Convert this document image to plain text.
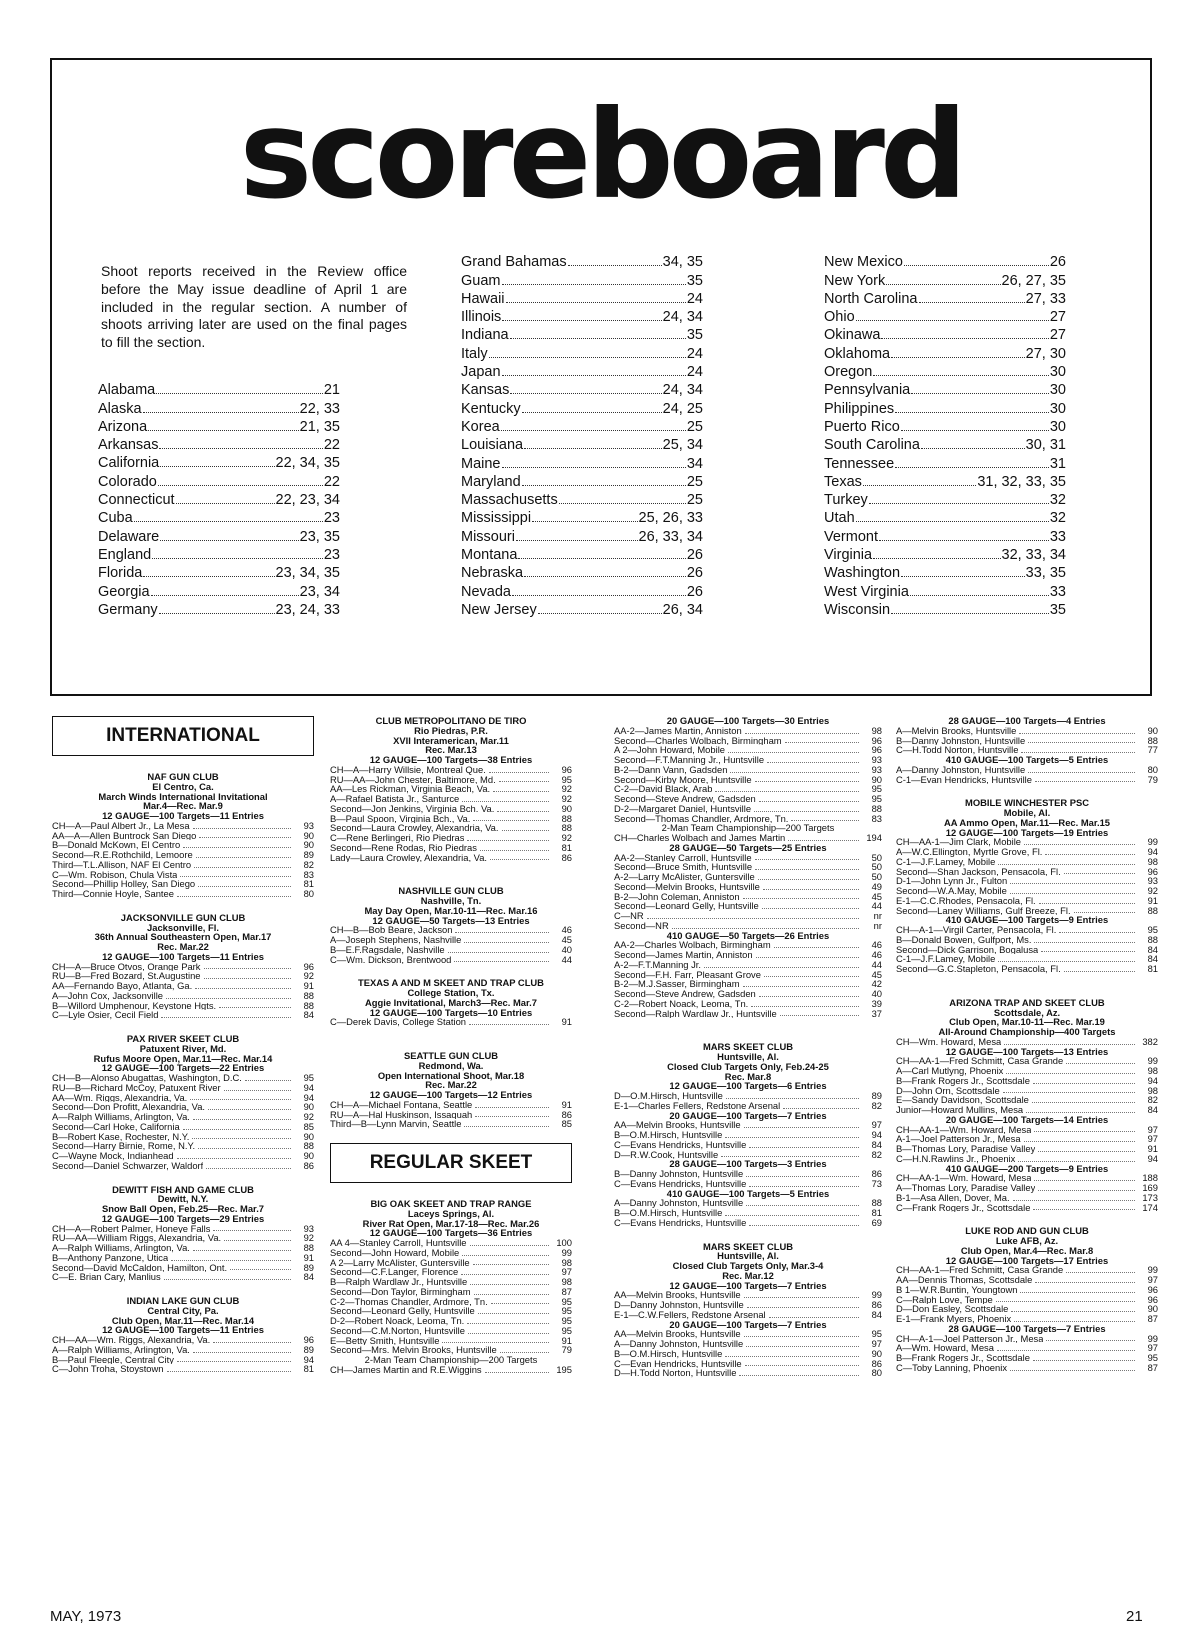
scoreboard
Shoot reports received in the Review office before the May issue deadline of April 1 are included in the regular section. A number of shoots arriving later are used on the final pages to fill the section.
Alabama	21
Alaska	22, 33
Arizona	21, 35
Arkansas	22
California	22, 34, 35
Colorado	22
Connecticut	22, 23, 34
Cuba	23
Delaware	23, 35
England	23
Florida	23, 34, 35
Georgia	23, 34
Germany	23, 24, 33
Grand Bahamas	34, 35
Guam	35
Hawaii	24
Illinois	24, 34
Indiana	35
Italy	24
Japan	24
Kansas	24, 34
Kentucky	24, 25
Korea	25
Louisiana	25, 34
Maine	34
Maryland	25
Massachusetts	25
Mississippi	25, 26, 33
Missouri	26, 33, 34
Montana	26
Nebraska	26
Nevada	26
New Jersey	26, 34
New Mexico	26
New York	26, 27, 35
North Carolina	27, 33
Ohio	27
Okinawa	27
Oklahoma	27, 30
Oregon	30
Pennsylvania	30
Philippines	30
Puerto Rico	30
South Carolina	30, 31
Tennessee	31
Texas	31, 32, 33, 35
Turkey	32
Utah	32
Vermont	33
Virginia	32, 33, 34
Washington	33, 35
West Virginia	33
Wisconsin	35
INTERNATIONAL
NAF GUN CLUB
El Centro, Ca.
March Winds International Invitational
Mar.4—Rec. Mar.9
12 GAUGE—100 Targets—11 Entries
CH—A—Paul Albert Jr., La Mesa	93
AA—A—Allen Buntrock San Diego	90
B—Donald McKown, El Centro	90
Second—R.E.Rothchild, Lemoore	89
Third—T.L.Allison, NAF El Centro	82
C—Wm. Robison, Chula Vista	83
Second—Phillip Holley, San Diego	81
Third—Connie Hoyle, Santee	80
JACKSONVILLE GUN CLUB
Jacksonville, Fl.
36th Annual Southeastern Open, Mar.17
Rec. Mar.22
12 GAUGE—100 Targets—11 Entries
CH—A—Bruce Otvos, Orange Park	96
RU—B—Fred Bozard, St.Augustine	92
AA—Fernando Bayo, Atlanta, Ga.	91
A—John Cox, Jacksonville	88
B—Willord Umphenour, Keystone Hgts.	88
C—Lyle Osier, Cecil Field	84
PAX RIVER SKEET CLUB
Patuxent River, Md.
Rufus Moore Open, Mar.11—Rec. Mar.14
12 GAUGE—100 Targets—22 Entries
CH—B—Alonso Abugattas, Washington, D.C.	95
RU—B—Richard McCoy, Patuxent River	94
AA—Wm. Riggs, Alexandria, Va.	94
Second—Don Profitt, Alexandria, Va.	90
A—Ralph Williams, Arlington, Va.	92
Second—Carl Hoke, California	85
B—Robert Kase, Rochester, N.Y.	90
Second—Harry Birnie, Rome, N.Y.	88
C—Wayne Mock, Indianhead	90
Second—Daniel Schwarzer, Waldorf	86
DEWITT FISH AND GAME CLUB
Dewitt, N.Y.
Snow Ball Open, Feb.25—Rec. Mar.7
12 GAUGE—100 Targets—29 Entries
CH—A—Robert Palmer, Honeye Falls	93
RU—AA—William Riggs, Alexandria, Va.	92
A—Ralph Williams, Arlington, Va.	88
B—Anthony Panzone, Utica	91
Second—David McCaldon, Hamilton, Ont.	89
C—E. Brian Cary, Manlius	84
INDIAN LAKE GUN CLUB
Central City, Pa.
Club Open, Mar.11—Rec. Mar.14
12 GAUGE—100 Targets—11 Entries
CH—AA—Wm. Riggs, Alexandria, Va.	96
A—Ralph Williams, Arlington, Va.	89
B—Paul Fleegle, Central City	94
C—John Troha, Stoystown	81
CLUB METROPOLITANO DE TIRO
Rio Piedras, P.R.
XVII Interamerican, Mar.11
Rec. Mar.13
12 GAUGE—100 Targets—38 Entries
CH—A—Harry Willsie, Montreal Que.	96
RU—AA—John Chester, Baltimore, Md.	95
AA—Les Rickman, Virginia Beach, Va.	92
A—Rafael Batista Jr., Santurce	92
Second—Jon Jenkins, Virginia Bch. Va.	90
B—Paul Spoon, Virginia Bch., Va.	88
Second—Laura Crowley, Alexandria, Va.	88
C—Rene Berlingeri, Rio Piedras	92
Second—Rene Rodas, Rio Piedras	81
Lady—Laura Crowley, Alexandria, Va.	86
NASHVILLE GUN CLUB
Nashville, Tn.
May Day Open, Mar.10-11—Rec. Mar.16
12 GAUGE—50 Targets—13 Entries
CH—B—Bob Beare, Jackson	46
A—Joseph Stephens, Nashville	45
B—E.F.Ragsdale, Nashville	40
C—Wm. Dickson, Brentwood	44
TEXAS A AND M SKEET AND TRAP CLUB
College Station, Tx.
Aggie Invitational, March3—Rec. Mar.7
12 GAUGE—100 Targets—10 Entries
C—Derek Davis, College Station	91
SEATTLE GUN CLUB
Redmond, Wa.
Open International Shoot, Mar.18
Rec. Mar.22
12 GAUGE—100 Targets—12 Entries
CH—A—Michael Fontana, Seattle	91
RU—A—Hal Huskinson, Issaquah	86
Third—B—Lynn Marvin, Seattle	85
REGULAR SKEET
BIG OAK SKEET AND TRAP RANGE
Laceys Springs, Al.
River Rat Open, Mar.17-18—Rec. Mar.26
12 GAUGE—100 Targets—36 Entries
AA 4—Stanley Carroll, Huntsville	100
Second—John Howard, Mobile	99
A 2—Larry McAlister, Guntersville	98
Second—C.F.Langer, Florence	97
B—Ralph Wardlaw Jr., Huntsville	98
Second—Don Taylor, Birmingham	87
C-2—Thomas Chandler, Ardmore, Tn.	95
Second—Leonard Gelly, Huntsville	95
D-2—Robert Noack, Leoma, Tn.	95
Second—C.M.Norton, Huntsville	95
E—Betty Smith, Huntsville	91
Second—Mrs. Melvin Brooks, Huntsville	79
2-Man Team Championship—200 Targets
CH—James Martin and R.E.Wiggins	195
20 GAUGE—100 Targets—30 Entries
AA-2—James Martin, Anniston	98
Second—Charles Wolbach, Birmingham	96
A 2—John Howard, Mobile	96
Second—F.T.Manning Jr., Huntsville	93
B-2—Dann Vann, Gadsden	93
Second—Kirby Moore, Huntsville	90
C-2—David Black, Arab	95
Second—Steve Andrew, Gadsden	95
D-2—Margaret Daniel, Huntsville	88
Second—Thomas Chandler, Ardmore, Tn.	83
2-Man Team Championship—200 Targets
CH—Charles Wolbach and James Martin	194
28 GAUGE—50 Targets—25 Entries
AA-2—Stanley Carroll, Huntsville	50
Second—Bruce Smith, Huntsville	50
A-2—Larry McAlister, Guntersville	50
Second—Melvin Brooks, Huntsville	49
B-2—John Coleman, Anniston	45
Second—Leonard Gelly, Huntsville	44
C—NR	nr
Second—NR	nr
410 GAUGE—50 Targets—26 Entries
AA-2—Charles Wolbach, Birmingham	46
Second—James Martin, Anniston	46
A-2—F.T.Manning Jr.	44
Second—F.H. Farr, Pleasant Grove	45
B-2—M.J.Sasser, Birmingham	42
Second—Steve Andrew, Gadsden	40
C-2—Robert Noack, Leoma, Tn.	39
Second—Ralph Wardlaw Jr., Huntsville	37
MARS SKEET CLUB
Huntsville, Al.
Closed Club Targets Only, Feb.24-25
Rec. Mar.8
12 GAUGE—100 Targets—6 Entries
D—O.M.Hirsch, Huntsville	89
E-1—Charles Fellers, Redstone Arsenal	82
20 GAUGE—100 Targets—7 Entries
AA—Melvin Brooks, Huntsville	97
B—O.M.Hirsch, Huntsville	94
C—Evans Hendricks, Huntsville	84
D—R.W.Cook, Huntsville	82
28 GAUGE—100 Targets—3 Entries
B—Danny Johnston, Huntsville	86
C—Evans Hendricks, Huntsville	73
410 GAUGE—100 Targets—5 Entries
A—Danny Johnston, Huntsville	88
B—O.M.Hirsch, Huntsville	81
C—Evans Hendricks, Huntsville	69
MARS SKEET CLUB
Huntsville, Al.
Closed Club Targets Only, Mar.3-4
Rec. Mar.12
12 GAUGE—100 Targets—7 Entries
AA—Melvin Brooks, Huntsville	99
D—Danny Johnston, Huntsville	86
E-1—C.W.Fellers, Redstone Arsenal	84
20 GAUGE—100 Targets—7 Entries
AA—Melvin Brooks, Huntsville	95
A—Danny Johnston, Huntsville	97
B—O.M.Hirsch, Huntsville	90
C—Evan Hendricks, Huntsville	86
D—H.Todd Norton, Huntsville	80
28 GAUGE—100 Targets—4 Entries
A—Melvin Brooks, Huntsville	90
B—Danny Johnston, Huntsville	88
C—H.Todd Norton, Huntsville	77
410 GAUGE—100 Targets—5 Entries
A—Danny Johnston, Huntsville	80
C-1—Evan Hendricks, Huntsville	79
MOBILE WINCHESTER PSC
Mobile, Al.
AA Ammo Open, Mar.11—Rec. Mar.15
12 GAUGE—100 Targets—19 Entries
CH—AA-1—Jim Clark, Mobile	99
A—W.C.Ellington, Myrtle Grove, Fl.	94
C-1—J.F.Lamey, Mobile	98
Second—Shan Jackson, Pensacola, Fl.	96
D-1—John Lynn Jr., Fulton	93
Second—W.A.May, Mobile	92
E-1—C.C.Rhodes, Pensacola, Fl.	91
Second—Laney Williams, Gulf Breeze, Fl.	88
410 GAUGE—100 Targets—9 Entries
CH—A-1—Virgil Carter, Pensacola, Fl.	95
B—Donald Bowen, Gulfport, Ms.	88
Second—Dick Garrison, Bogalusa	84
C-1—J.F.Lamey, Mobile	84
Second—G.C.Stapleton, Pensacola, Fl.	81
ARIZONA TRAP AND SKEET CLUB
Scottsdale, Az.
Club Open, Mar.10-11—Rec. Mar.19
All-Around Championship—400 Targets
CH—Wm. Howard, Mesa	382
12 GAUGE—100 Targets—13 Entries
CH—AA-1—Fred Schmitt, Casa Grande	99
A—Carl Mutlyng, Phoenix	98
B—Frank Rogers Jr., Scottsdale	94
D—John Orn, Scottsdale	98
E—Sandy Davidson, Scottsdale	82
Junior—Howard Mullins, Mesa	84
20 GAUGE—100 Targets—14 Entries
CH—AA-1—Wm. Howard, Mesa	97
A-1—Joel Patterson Jr., Mesa	97
B—Thomas Lory, Paradise Valley	91
C—H.N.Rawlins Jr., Phoenix	94
410 GAUGE—200 Targets—9 Entries
CH—AA-1—Wm. Howard, Mesa	188
A—Thomas Lory, Paradise Valley	169
B-1—Asa Allen, Dover, Ma.	173
C—Frank Rogers Jr., Scottsdale	174
LUKE ROD AND GUN CLUB
Luke AFB, Az.
Club Open, Mar.4—Rec. Mar.8
12 GAUGE—100 Targets—17 Entries
CH—AA-1—Fred Schmitt, Casa Grande	99
AA—Dennis Thomas, Scottsdale	97
B 1—W.R.Buntin, Youngtown	96
C—Ralph Love, Tempe	96
D—Don Easley, Scottsdale	90
E-1—Frank Myers, Phoenix	87
28 GAUGE—100 Targets—7 Entries
CH—A-1—Joel Patterson Jr., Mesa	99
A—Wm. Howard, Mesa	97
B—Frank Rogers Jr., Scottsdale	95
C—Toby Lanning, Phoenix	87
MAY, 1973	21
